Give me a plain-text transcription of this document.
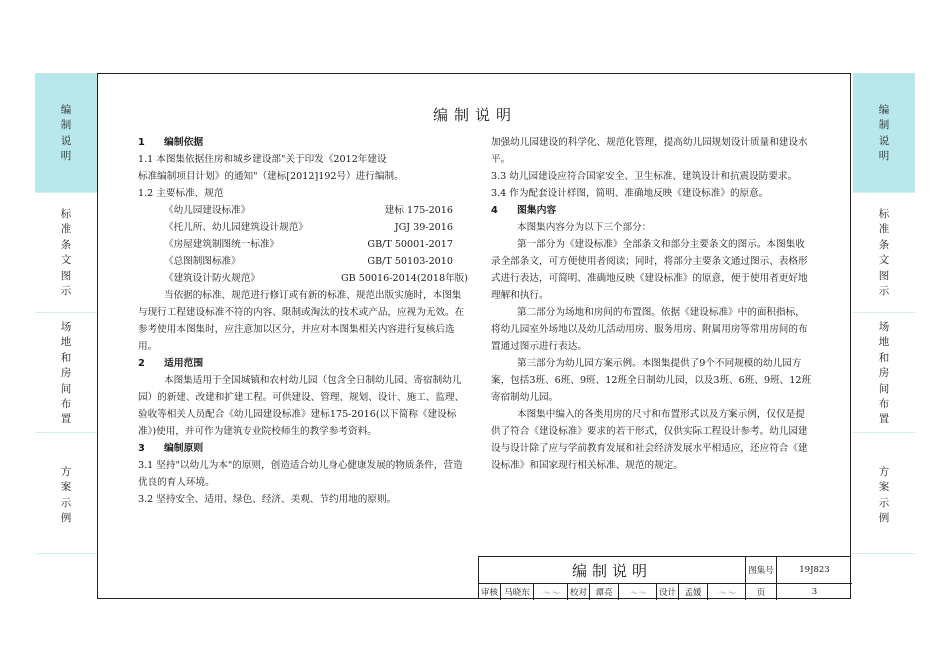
编
制
说
明
标
准
条
文
图
示
场
地
和
房
间
布
置
方
案
示
例
编
制
说
明
标
准
条
文
图
示
场
地
和
房
间
布
置
方
案
示
例
编制说明

1 编制依据

1.1 本图集依据住房和城乡建设部"关于印发《2012年建设

标准编制项目计划》的通知"（建标[2012]192号）进行编制。

1.2 主要标准、规范

《幼儿园建设标准》	建标 175-2016
《托儿所、幼儿园建筑设计规范》	JGJ 39-2016
《房屋建筑制图统一标准》	GB/T 50001-2017
《总图制图标准》	GB/T 50103-2010
《建筑设计防火规范》	GB 50016-2014(2018年版)

当依据的标准、规范进行修订或有新的标准、规范出版实施时，本图集与现行工程建设标准不符的内容、限制或淘汰的技术或产品，应视为无效。在参考使用本图集时，应注意加以区分，并应对本图集相关内容进行复核后选用。

2 适用范围

本图集适用于全国城镇和农村幼儿园（包含全日制幼儿园、寄宿制幼儿园）的新建、改建和扩建工程。可供建设、管理、规划、设计、施工、监理、验收等相关人员配合《幼儿园建设标准》建标175-2016(以下简称《建设标准》)使用，并可作为建筑专业院校师生的教学参考资料。

3 编制原则

3.1 坚持"以幼儿为本"的原则，创造适合幼儿身心健康发展的物质条件，营造优良的育人环境。

3.2 坚持安全、适用、绿色、经济、美观、节约用地的原则。

加强幼儿园建设的科学化、规范化管理，提高幼儿园规划设计质量和建设水平。

3.3 幼儿园建设应符合国家安全、卫生标准、建筑设计和抗震设防要求。

3.4 作为配套设计样图，简明、准确地反映《建设标准》的原意。

4 图集内容

本图集内容分为以下三个部分：

第一部分为《建设标准》全部条文和部分主要条文的图示。本图集收录全部条文，可方便使用者阅读；同时，将部分主要条文通过图示、表格形式进行表达，可简明、准确地反映《建设标准》的原意，便于使用者更好地理解和执行。

第二部分为场地和房间的布置图。依据《建设标准》中的面积指标，将幼儿园室外场地以及幼儿活动用房、服务用房、附属用房等常用房间的布置通过图示进行表达。

第三部分为幼儿园方案示例。本图集提供了9个不同规模的幼儿园方案，包括3班、6班、9班、12班全日制幼儿园，以及3班、6班、9班、12班寄宿制幼儿园。

本图集中编入的各类用房的尺寸和布置形式以及方案示例，仅仅是提供了符合《建设标准》要求的若干形式，仅供实际工程设计参考。幼儿园建设与设计除了应与学前教育发展和社会经济发展水平相适应，还应符合《建设标准》和国家现行相关标准、规范的规定。

编制说明	图集号	19J823
审核 马晓东	～～ 校对 谭亮	～～ 设计 孟媛	～～	页	3
